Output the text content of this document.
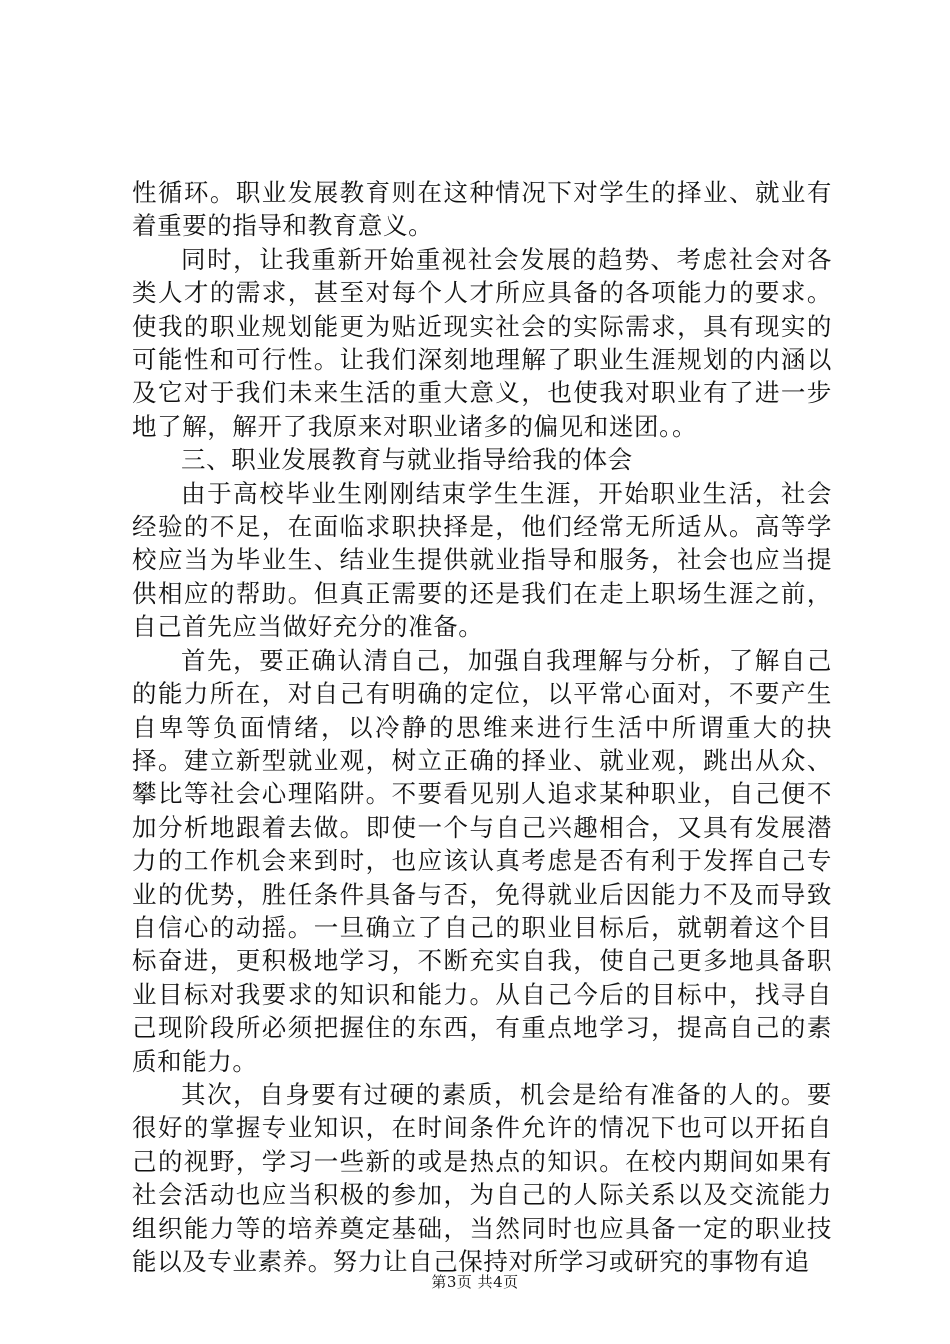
性循环。职业发展教育则在这种情况下对学生的择业、就业有着重要的指导和教育意义。

同时，让我重新开始重视社会发展的趋势、考虑社会对各类人才的需求，甚至对每个人才所应具备的各项能力的要求。使我的职业规划能更为贴近现实社会的实际需求，具有现实的可能性和可行性。让我们深刻地理解了职业生涯规划的内涵以及它对于我们未来生活的重大意义，也使我对职业有了进一步地了解，解开了我原来对职业诸多的偏见和迷团。。

三、职业发展教育与就业指导给我的体会

由于高校毕业生刚刚结束学生生涯，开始职业生活，社会经验的不足，在面临求职抉择是，他们经常无所适从。高等学校应当为毕业生、结业生提供就业指导和服务，社会也应当提供相应的帮助。但真正需要的还是我们在走上职场生涯之前，自己首先应当做好充分的准备。

首先，要正确认清自己，加强自我理解与分析，了解自己的能力所在，对自己有明确的定位，以平常心面对，不要产生自卑等负面情绪，以冷静的思维来进行生活中所谓重大的抉择。建立新型就业观，树立正确的择业、就业观，跳出从众、攀比等社会心理陷阱。不要看见别人追求某种职业，自己便不加分析地跟着去做。即使一个与自己兴趣相合，又具有发展潜力的工作机会来到时，也应该认真考虑是否有利于发挥自己专业的优势，胜任条件具备与否，免得就业后因能力不及而导致自信心的动摇。一旦确立了自己的职业目标后，就朝着这个目标奋进，更积极地学习，不断充实自我，使自己更多地具备职业目标对我要求的知识和能力。从自己今后的目标中，找寻自己现阶段所必须把握住的东西，有重点地学习，提高自己的素质和能力。

其次，自身要有过硬的素质，机会是给有准备的人的。要很好的掌握专业知识，在时间条件允许的情况下也可以开拓自己的视野，学习一些新的或是热点的知识。在校内期间如果有社会活动也应当积极的参加，为自己的人际关系以及交流能力组织能力等的培养奠定基础，当然同时也应具备一定的职业技能以及专业素养。努力让自己保持对所学习或研究的事物有追

第3页 共4页
